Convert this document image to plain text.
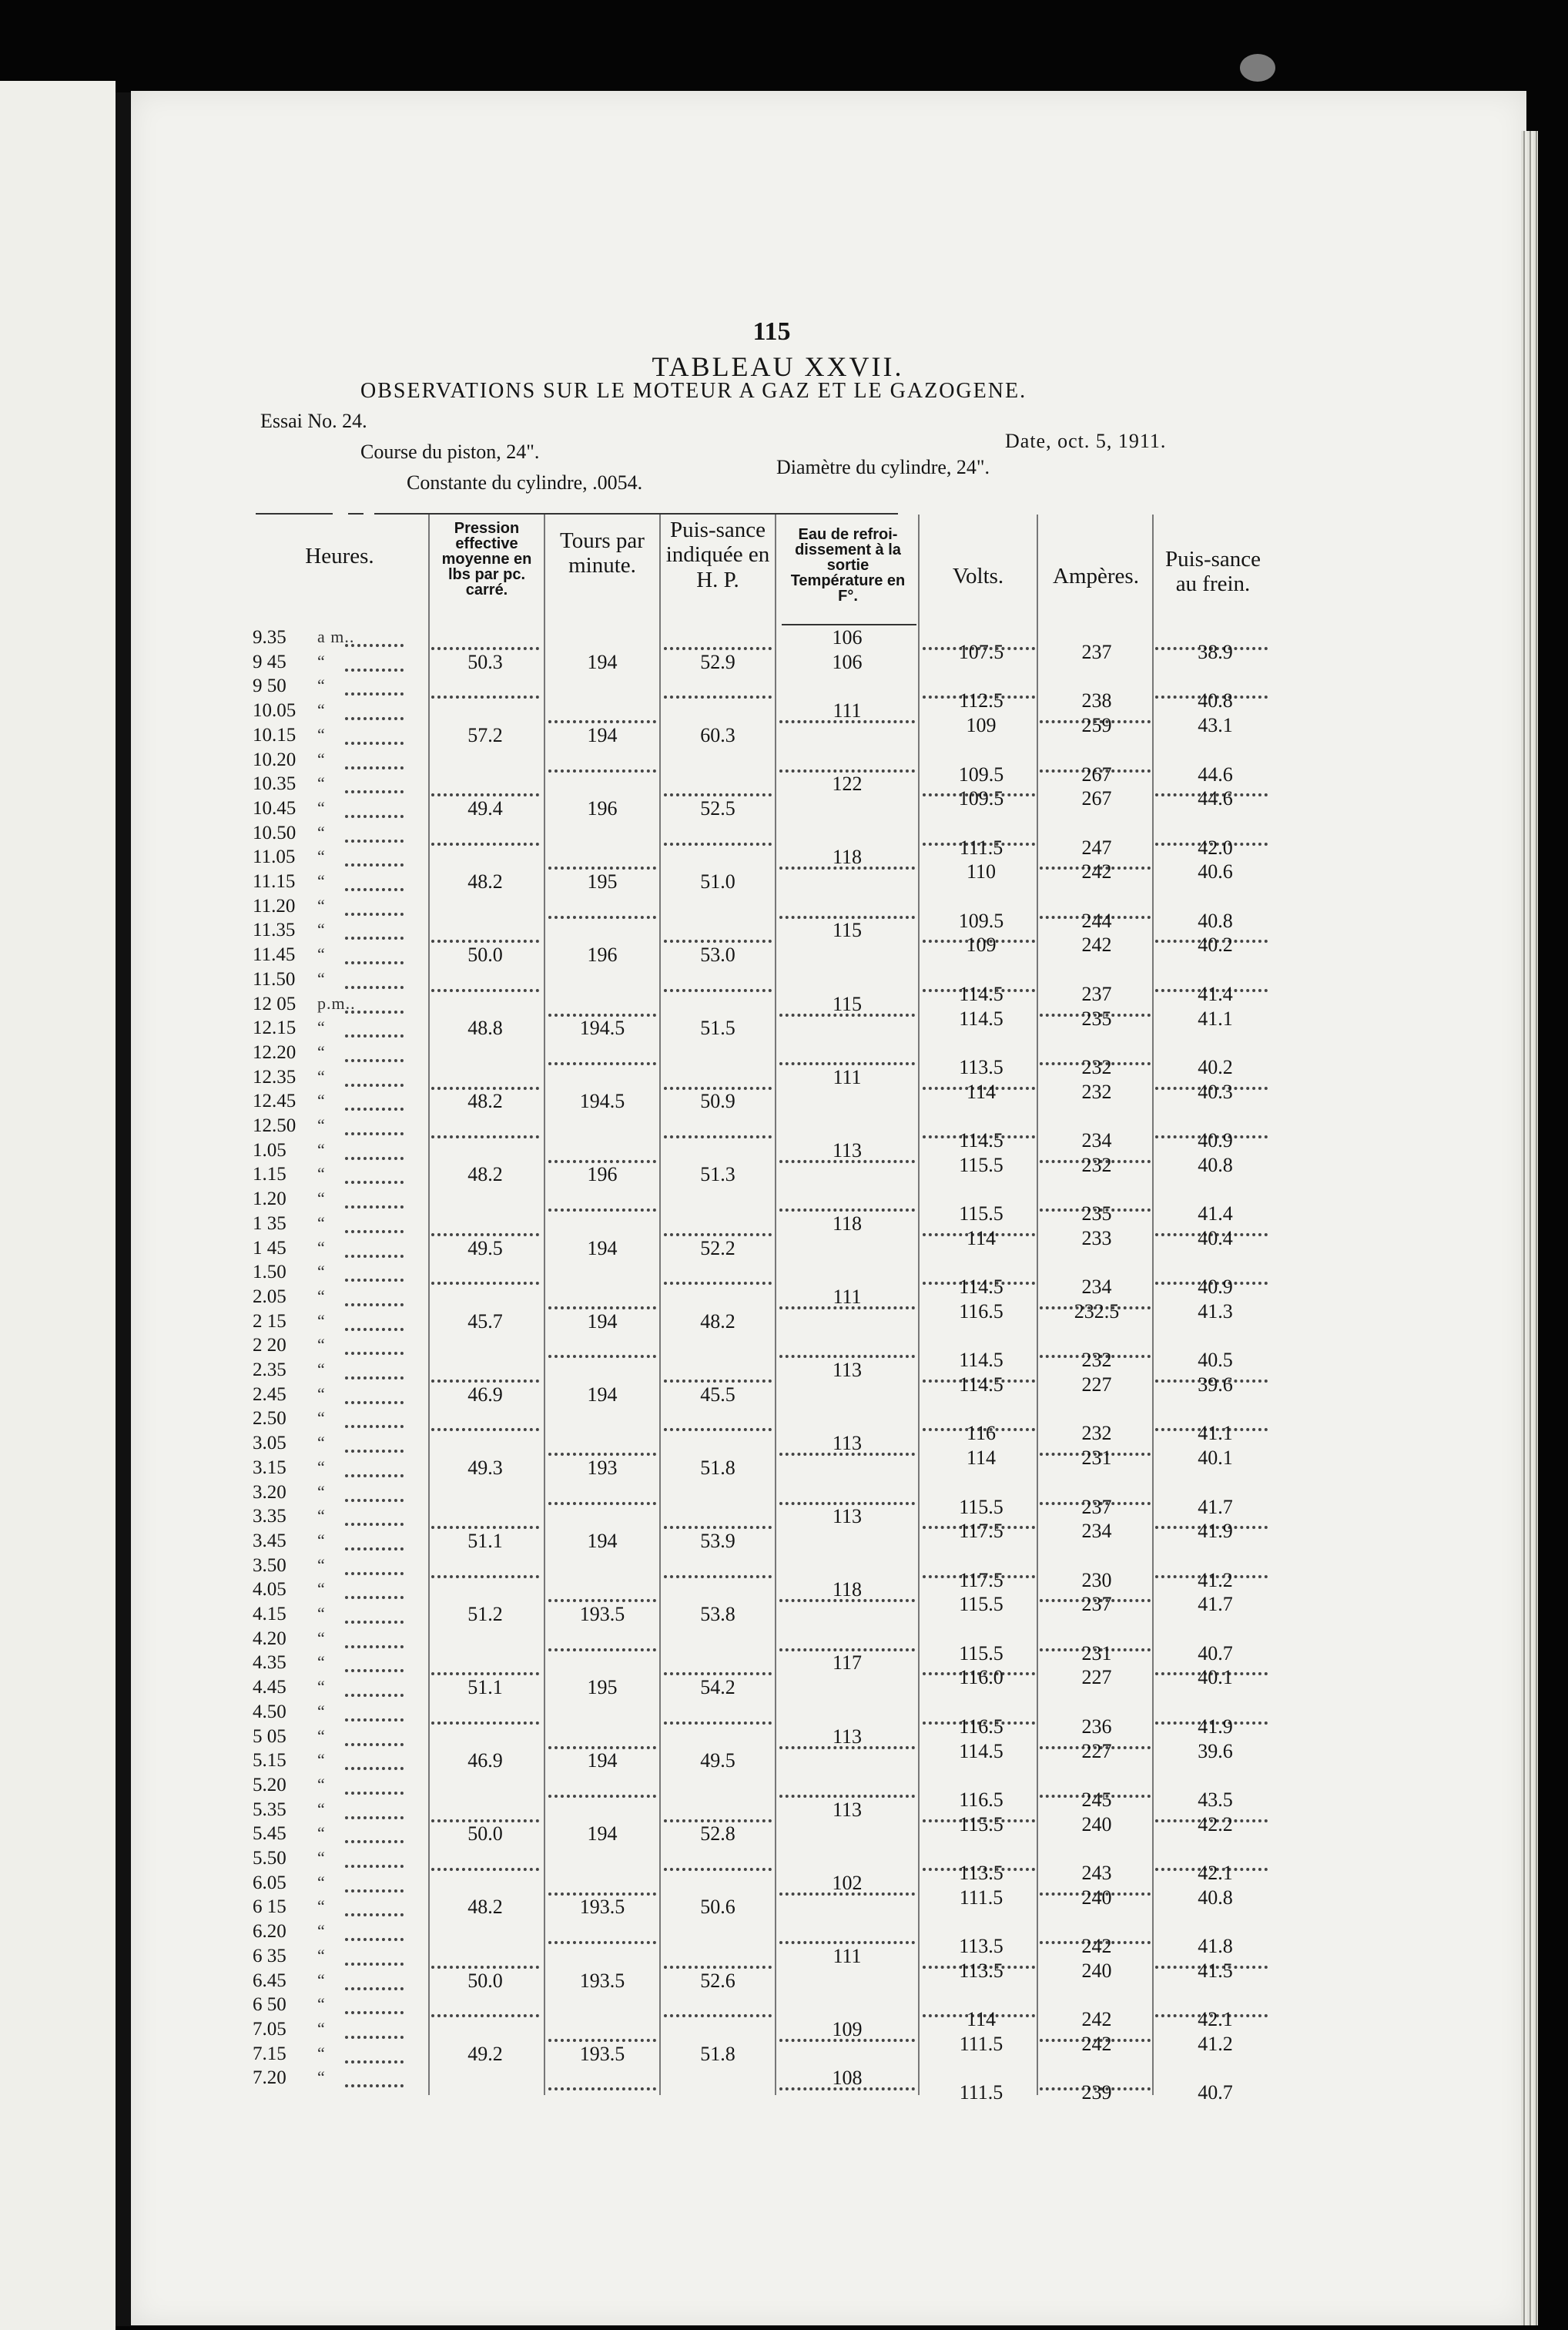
115
TABLEAU XXVII.
OBSERVATIONS SUR LE MOTEUR A GAZ ET LE GAZOGENE.
Essai No. 24.
Date, oct. 5, 1911.
Course du piston, 24".
Diamètre du cylindre, 24".
Constante du cylindre, .0054.
Heures.
Pression effective moyenne en lbs par pc. carré.
Tours par minute.
Puis-sance indiquée en H. P.
Eau de refroi-dissement à la sortie Température en F°.
Volts.	Ampères.
Puis-sance au frein.
9.35 a m..
9 45 “
9 50 “
10.05 “
10.15 “
10.20 “
10.35 “
10.45 “
10.50 “
11.05 “
11.15 “
11.20 “
11.35 “
11.45 “
11.50 “
12 05 p.m..
12.15 “
12.20 “
12.35 “
12.45 “
12.50 “
1.05 “
1.15 “
1.20 “
1 35 “
1 45 “
1.50 “
2.05 “
2 15 “
2 20 “
2.35 “
2.45 “
2.50 “
3.05 “
3.15 “
3.20 “
3.35 “
3.45 “
3.50 “
4.05 “
4.15 “
4.20 “
4.35 “
4.45 “
4.50 “
5 05 “
5.15 “
5.20 “
5.35 “
5.45 “
5.50 “
6.05 “
6 15 “
6.20 “
6 35 “
6.45 “
6 50 “
7.05 “
7.15 “
7.20 “
50.3
57.2
49.4
48.2
50.0
48.8
48.2
48.2
49.5
45.7
46.9
49.3
51.1
51.2
51.1
46.9
50.0
48.2
50.0
49.2
194
194
196
195
196
194.5
194.5
196
194
194
194
193
194
193.5
195
194
194
193.5
193.5
193.5
52.9
60.3
52.5
51.0
53.0
51.5
50.9
51.3
52.2
48.2
45.5
51.8
53.9
53.8
54.2
49.5
52.8
50.6
52.6
51.8
106
106
111
122
118
115
115
111
113
118
111
113
113
113
118
117
113
113
102
111
109
108
107.5
112.5
109
109.5
109.5
111.5
110
109.5
109
114.5
114.5
113.5
114
114.5
115.5
115.5
114
114.5
116.5
114.5
114.5
116
114
115.5
117.5
117.5
115.5
115.5
116.0
116.5
114.5
116.5
115.5
113.5
111.5
113.5
113.5
114
111.5
111.5
237
238
259
267
267
247
242
244
242
237
235
232
232
234
232
235
233
234
232.5
232
227
232
231
237
234
230
237
231
227
236
227
245
240
243
240
242
240
242
242
239
38.9
40.8
43.1
44.6
44.6
42.0
40.6
40.8
40.2
41.4
41.1
40.2
40.3
40.9
40.8
41.4
40.4
40.9
41.3
40.5
39.6
41.1
40.1
41.7
41.9
41.2
41.7
40.7
40.1
41.9
39.6
43.5
42.2
42.1
40.8
41.8
41.5
42.1
41.2
40.7
